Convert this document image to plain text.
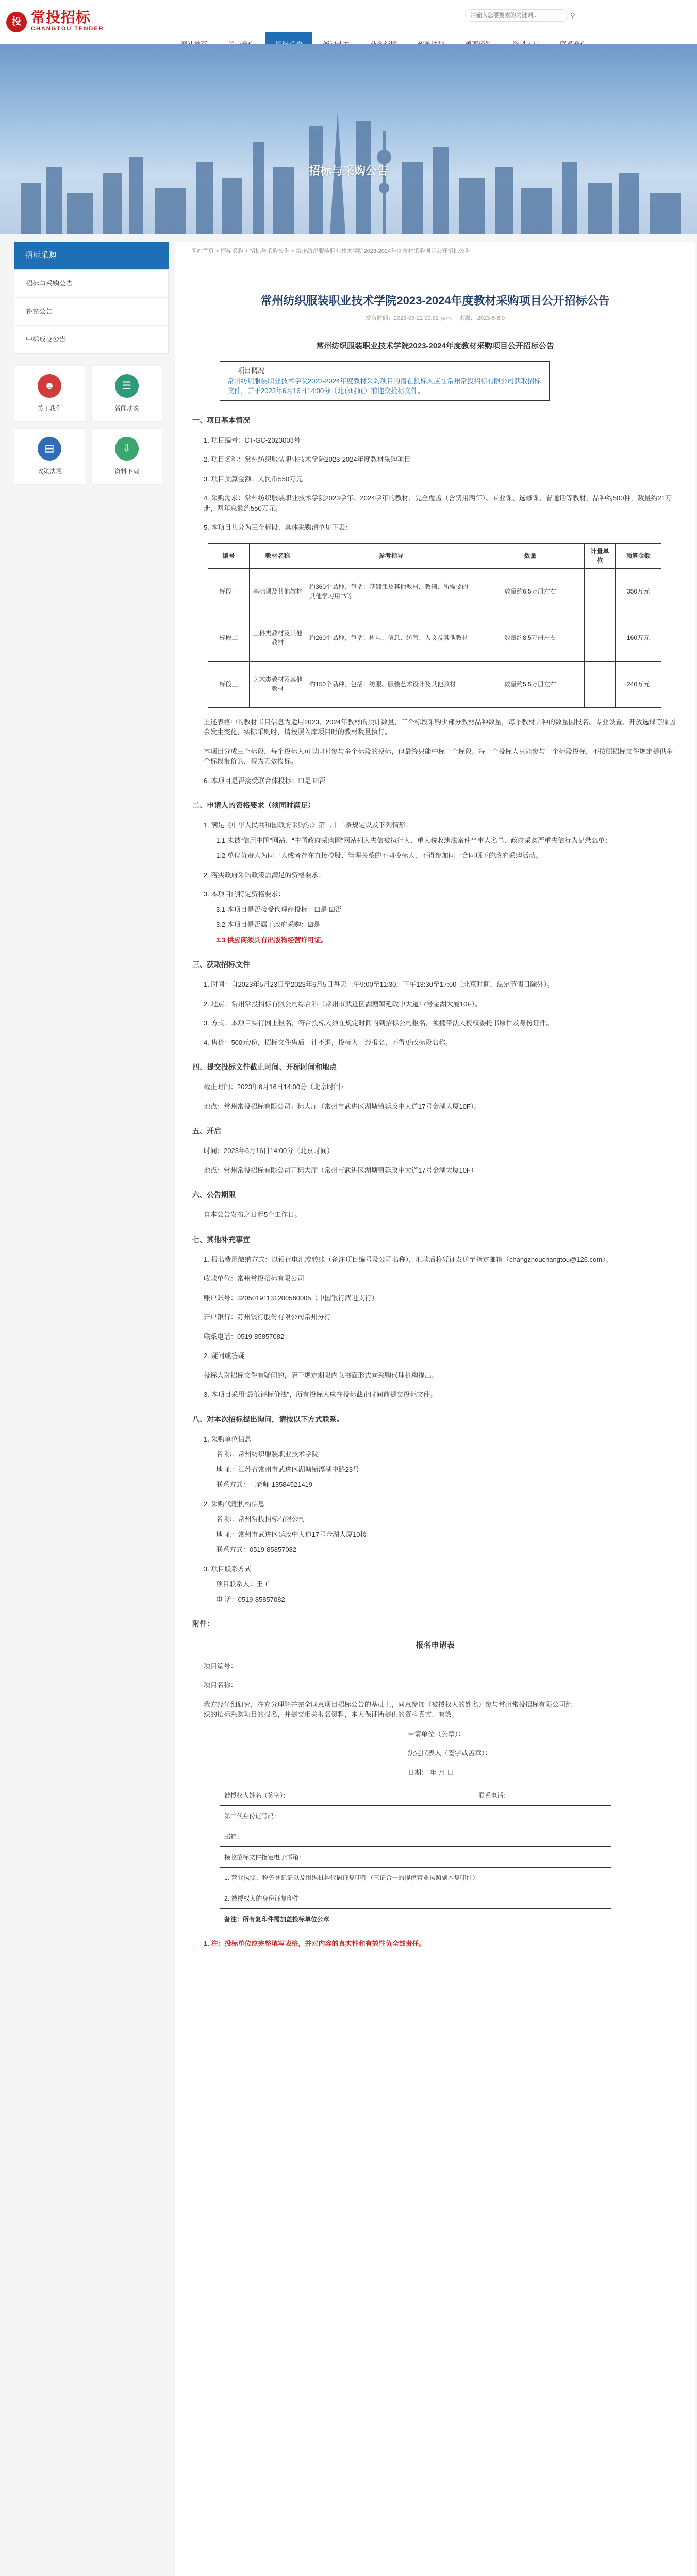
投 常投招标
CHANGTOU TENDER
请输入您要搜索的关键词...
⚲
招标与采购公告
招标采购
招标与采购公告
补充公告
中标成交公告
☻
关于我们
☰
新闻动态
▤
政策法规
⇩
资料下载
网站首页 > 招标采购 > 招标与采购公告 > 常州纺织服装职业技术学院2023-2024年度教材采购项目公开招标公告
常州纺织服装职业技术学院2023-2024年度教材采购项目公开招标公告
发布时间：2023-05-22 09:52 点击： 来源： 2023-5-8 0
常州纺织服装职业技术学院2023-2024年度教材采购项目公开招标公告
项目概况
常州纺织服装职业技术学院2023-2024年度教材采购项目的潜在投标人应在常州常投招标有限公司获取招标文件，并于2023年6月16日14:00分（北京时间）前递交投标文件。
一、项目基本情况
1. 项目编号：CT-GC-2023003号
2. 项目名称：常州纺织服装职业技术学院2023-2024年度教材采购项目
3. 项目预算金额：人民币550万元
4. 采购需求：常州纺织服装职业技术学院2023学年、2024学年的教材、完全覆盖（含费用两年）、专业课、选修课、普通话等教材，品种约500种，数量约21万册，两年总额约550万元。
5. 本项目共分为三个标段，具体采购清单见下表：
编号	教材名称	参考指导	数量	计量单位	预算金额
标段一	基础课及其他教材	约360个品种，包括：基础课及其他教材，教辅、所需要的其他学习用书等	数量约6.5万册左右		350万元
标段二	工科类教材及其他教材	约260个品种，包括：机电、信息、纺管、人文及其他教材	数量约8.5万册左右		160万元
标段三	艺术类教材及其他教材	约150个品种，包括：纺服、服装艺术设计及其他教材	数量约5.5万册左右		240万元
上述表格中的教材书目信息为适用2023、2024年教材的预计数量，三个标段采购少部分教材品种数量，每个教材品种的数量因报名、专业设置、开放选课等原因会发生变化，实际采购时，请按照入库项目时的教材数量执行。
本项目分成三个标段，每个投标人可以同时参与多个标段的投标，但最终只能中标一个标段。每一个投标人只能参与一个标段投标，不按照招标文件规定提供多个标段报价的，视为无效投标。
6. 本项目是否接受联合体投标：☐是 ☑否
二、申请人的资格要求（须同时满足）
1. 满足《中华人民共和国政府采购法》第二十二条规定以及下列情形：
1.1 未被“信用中国”网站、“中国政府采购网”网站列入失信被执行人、重大税收违法案件当事人名单、政府采购严重失信行为记录名单；
1.2 单位负责人为同一人或者存在直接控股、管理关系的不同投标人，不得参加同一合同项下的政府采购活动。
2. 落实政府采购政策需满足的资格要求：
3. 本项目的特定资格要求：
3.1 本项目是否接受代理商投标：☐是 ☑否
3.2 本项目是否属于政府采购：☑是
3.3 供应商须具有出版物经营许可证。
三、获取招标文件
1. 时间：自2023年5月23日至2023年6月5日每天上午9:00至11:30，下午13:30至17:00（北京时间，法定节假日除外）。
2. 地点：常州常投招标有限公司综合科（常州市武进区湖塘镇延政中大道17号金湖大厦10F）。
3. 方式：本项目实行网上报名，符合投标人须在规定时间内到招标公司报名，须携带法人授权委托书原件及身份证件。
4. 售价：500元/份，招标文件售后一律不退，投标人一经报名，不得更改标段名称。
四、提交投标文件截止时间、开标时间和地点
截止时间：2023年6月16日14:00分（北京时间）
地点：常州常投招标有限公司开标大厅（常州市武进区湖塘镇延政中大道17号金湖大厦10F）。
五、开启
时间：2023年6月16日14:00分（北京时间）
地点：常州常投招标有限公司开标大厅（常州市武进区湖塘镇延政中大道17号金湖大厦10F）
六、公告期限
自本公告发布之日起5个工作日。
七、其他补充事宜
1. 报名费用缴纳方式：以银行电汇或转账（备注项目编号及公司名称），汇款后将凭证发送至指定邮箱（changzhouchangtou@126.com）。
收款单位：常州常投招标有限公司
账户账号：32050191131200580005（中国银行武进支行）
开户银行：苏州银行股份有限公司常州分行
联系电话：0519-85857082
2. 疑问或答疑
投标人对招标文件有疑问的，请于规定期限内以书面形式向采购代理机构提出。
3. 本项目采用“最低评标价法”，所有投标人应在投标截止时间前提交投标文件。
八、对本次招标提出询问，请按以下方式联系。
1. 采购单位信息
名 称：常州纺织服装职业技术学院
地 址：江苏省常州市武进区湖塘镇滆湖中路23号
联系方式：王老师 13584521419
2. 采购代理机构信息
名 称：常州常投招标有限公司
地 址：常州市武进区延政中大道17号金湖大厦10楼
联系方式：0519-85857082
3. 项目联系方式
项目联系人：王工
电 话：0519-85857082
附件：
报名申请表
项目编号：
项目名称：
我方经仔细研究，在充分理解并完全同意项目招标公告的基础上，同意参加（被授权人的姓名）参与常州常投招标有限公司组织的招标采购项目的报名，并提交相关报名资料，本人保证所提供的资料真实、有效。
申请单位（公章）：
法定代表人（签字或盖章）：
日期： 年 月 日
被授权人姓名（签字）：	联系电话：
第二代身份证号码：
邮箱：
接收招标文件指定电子邮箱：
1. 营业执照、税务登记证以及组织机构代码证复印件（三证合一的提供营业执照副本复印件）
2. 被授权人的身份证复印件
备注：所有复印件需加盖投标单位公章
1. 注：投标单位应完整填写表格，并对内容的真实性和有效性负全部责任。
